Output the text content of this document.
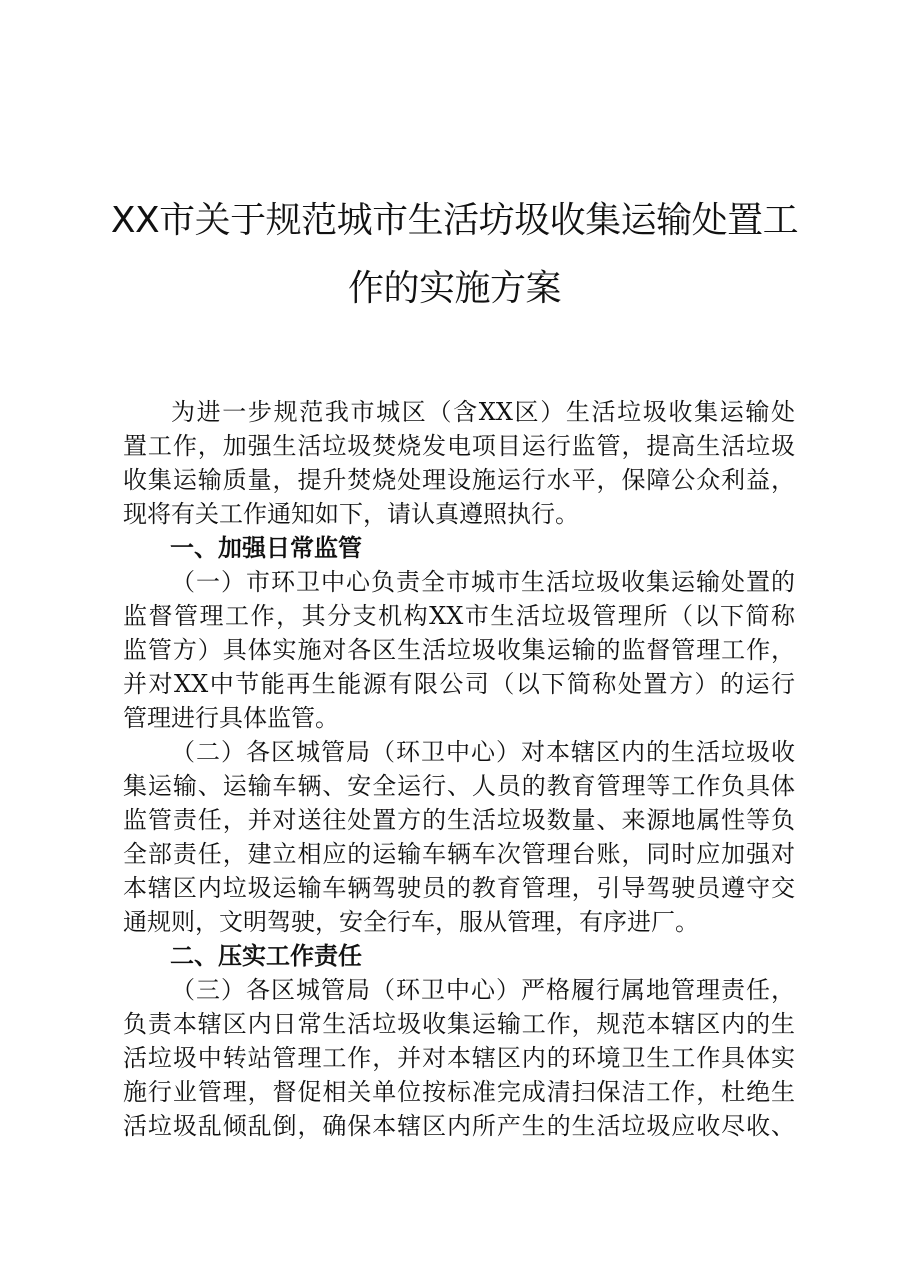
XX市关于规范城市生活坊圾收集运输处置工
作的实施方案
为进一步规范我市城区（含XX区）生活垃圾收集运输处
置工作，加强生活垃圾焚烧发电项目运行监管，提高生活垃圾
收集运输质量，提升焚烧处理设施运行水平，保障公众利益，
现将有关工作通知如下，请认真遵照执行。
一、加强日常监管
（一）市环卫中心负责全市城市生活垃圾收集运输处置的
监督管理工作，其分支机构XX市生活垃圾管理所（以下简称
监管方）具体实施对各区生活垃圾收集运输的监督管理工作，
并对XX中节能再生能源有限公司（以下简称处置方）的运行
管理进行具体监管。
（二）各区城管局（环卫中心）对本辖区内的生活垃圾收
集运输、运输车辆、安全运行、人员的教育管理等工作负具体
监管责任，并对送往处置方的生活垃圾数量、来源地属性等负
全部责任，建立相应的运输车辆车次管理台账，同时应加强对
本辖区内垃圾运输车辆驾驶员的教育管理，引导驾驶员遵守交
通规则，文明驾驶，安全行车，服从管理，有序进厂。
二、压实工作责任
（三）各区城管局（环卫中心）严格履行属地管理责任，
负责本辖区内日常生活垃圾收集运输工作，规范本辖区内的生
活垃圾中转站管理工作，并对本辖区内的环境卫生工作具体实
施行业管理，督促相关单位按标准完成清扫保洁工作，杜绝生
活垃圾乱倾乱倒，确保本辖区内所产生的生活垃圾应收尽收、
